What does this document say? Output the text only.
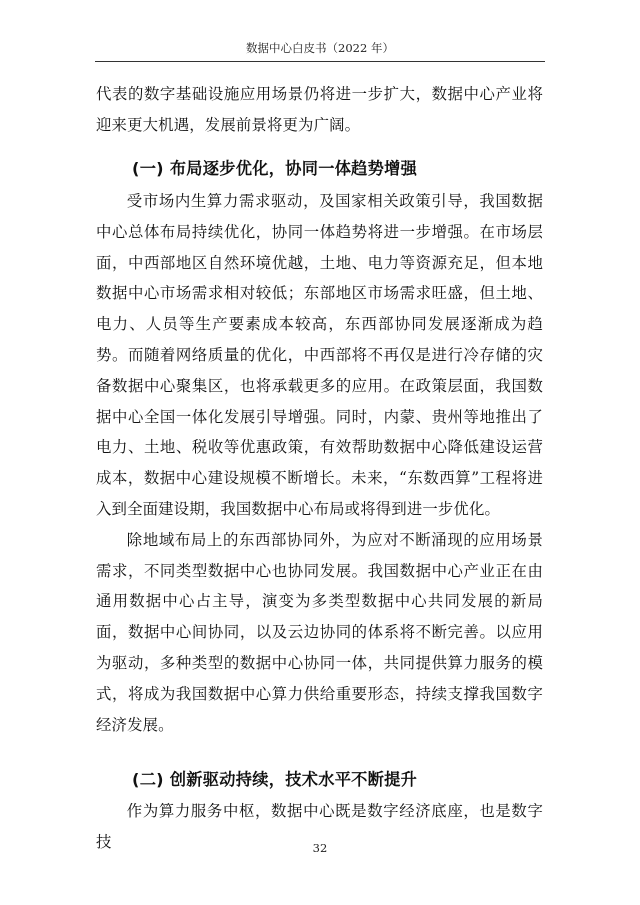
数据中心白皮书（2022 年）

代表的数字基础设施应用场景仍将进一步扩大，数据中心产业将迎来更大机遇，发展前景将更为广阔。

(一) 布局逐步优化，协同一体趋势增强

受市场内生算力需求驱动，及国家相关政策引导，我国数据中心总体布局持续优化，协同一体趋势将进一步增强。在市场层面，中西部地区自然环境优越，土地、电力等资源充足，但本地数据中心市场需求相对较低；东部地区市场需求旺盛，但土地、电力、人员等生产要素成本较高，东西部协同发展逐渐成为趋势。而随着网络质量的优化，中西部将不再仅是进行冷存储的灾备数据中心聚集区，也将承载更多的应用。在政策层面，我国数据中心全国一体化发展引导增强。同时，内蒙、贵州等地推出了电力、土地、税收等优惠政策，有效帮助数据中心降低建设运营成本，数据中心建设规模不断增长。未来，“东数西算”工程将进入到全面建设期，我国数据中心布局或将得到进一步优化。

除地域布局上的东西部协同外，为应对不断涌现的应用场景需求，不同类型数据中心也协同发展。我国数据中心产业正在由通用数据中心占主导，演变为多类型数据中心共同发展的新局面，数据中心间协同，以及云边协同的体系将不断完善。以应用为驱动，多种类型的数据中心协同一体，共同提供算力服务的模式，将成为我国数据中心算力供给重要形态，持续支撑我国数字经济发展。

(二) 创新驱动持续，技术水平不断提升

作为算力服务中枢，数据中心既是数字经济底座，也是数字技	32
